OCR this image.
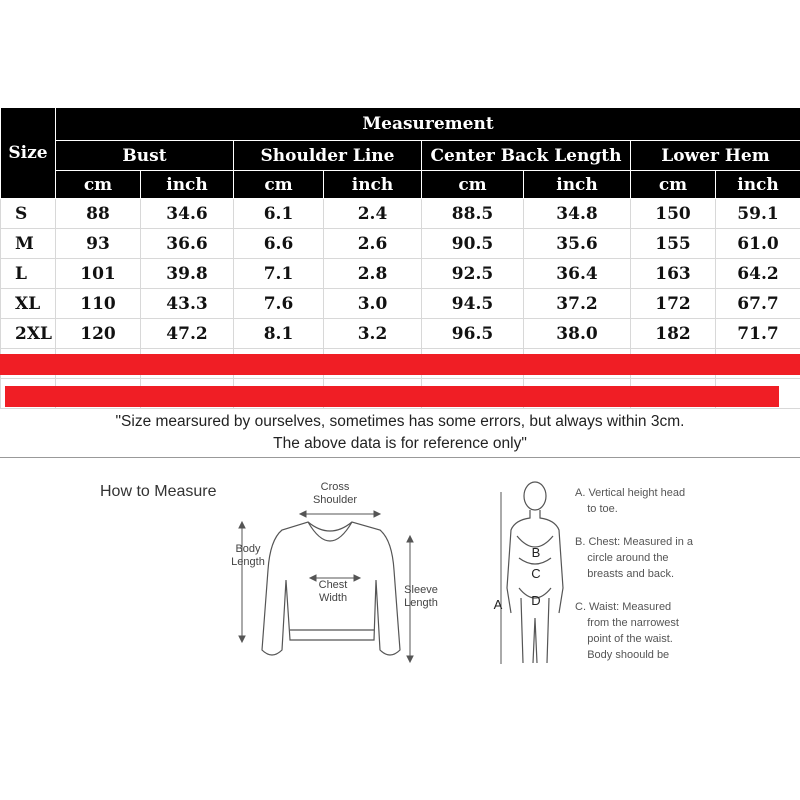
Size	Measurement							
	Bust		Shoulder Line		Center Back Length		Lower Hem	
	cm	inch	cm	inch	cm	inch	cm	inch
S	88	34.6	6.1	2.4	88.5	34.8	150	59.1
M	93	36.6	6.6	2.6	90.5	35.6	155	61.0
L	101	39.8	7.1	2.8	92.5	36.4	163	64.2
XL	110	43.3	7.6	3.0	94.5	37.2	172	67.7
2XL	120	47.2	8.1	3.2	96.5	38.0	182	71.7

"Size mearsured by ourselves, sometimes has some errors, but always within 3cm.
The above data is for reference only"
How to Measure	Cross
Shoulder
Body
Length
Chest
Width
Sleeve
Length	A
B
C
D
A. Vertical height head
to toe.
B. Chest: Measured in a
circle around the
breasts and back.
C. Waist: Measured
from the narrowest
point of the waist.
Body shoould be
